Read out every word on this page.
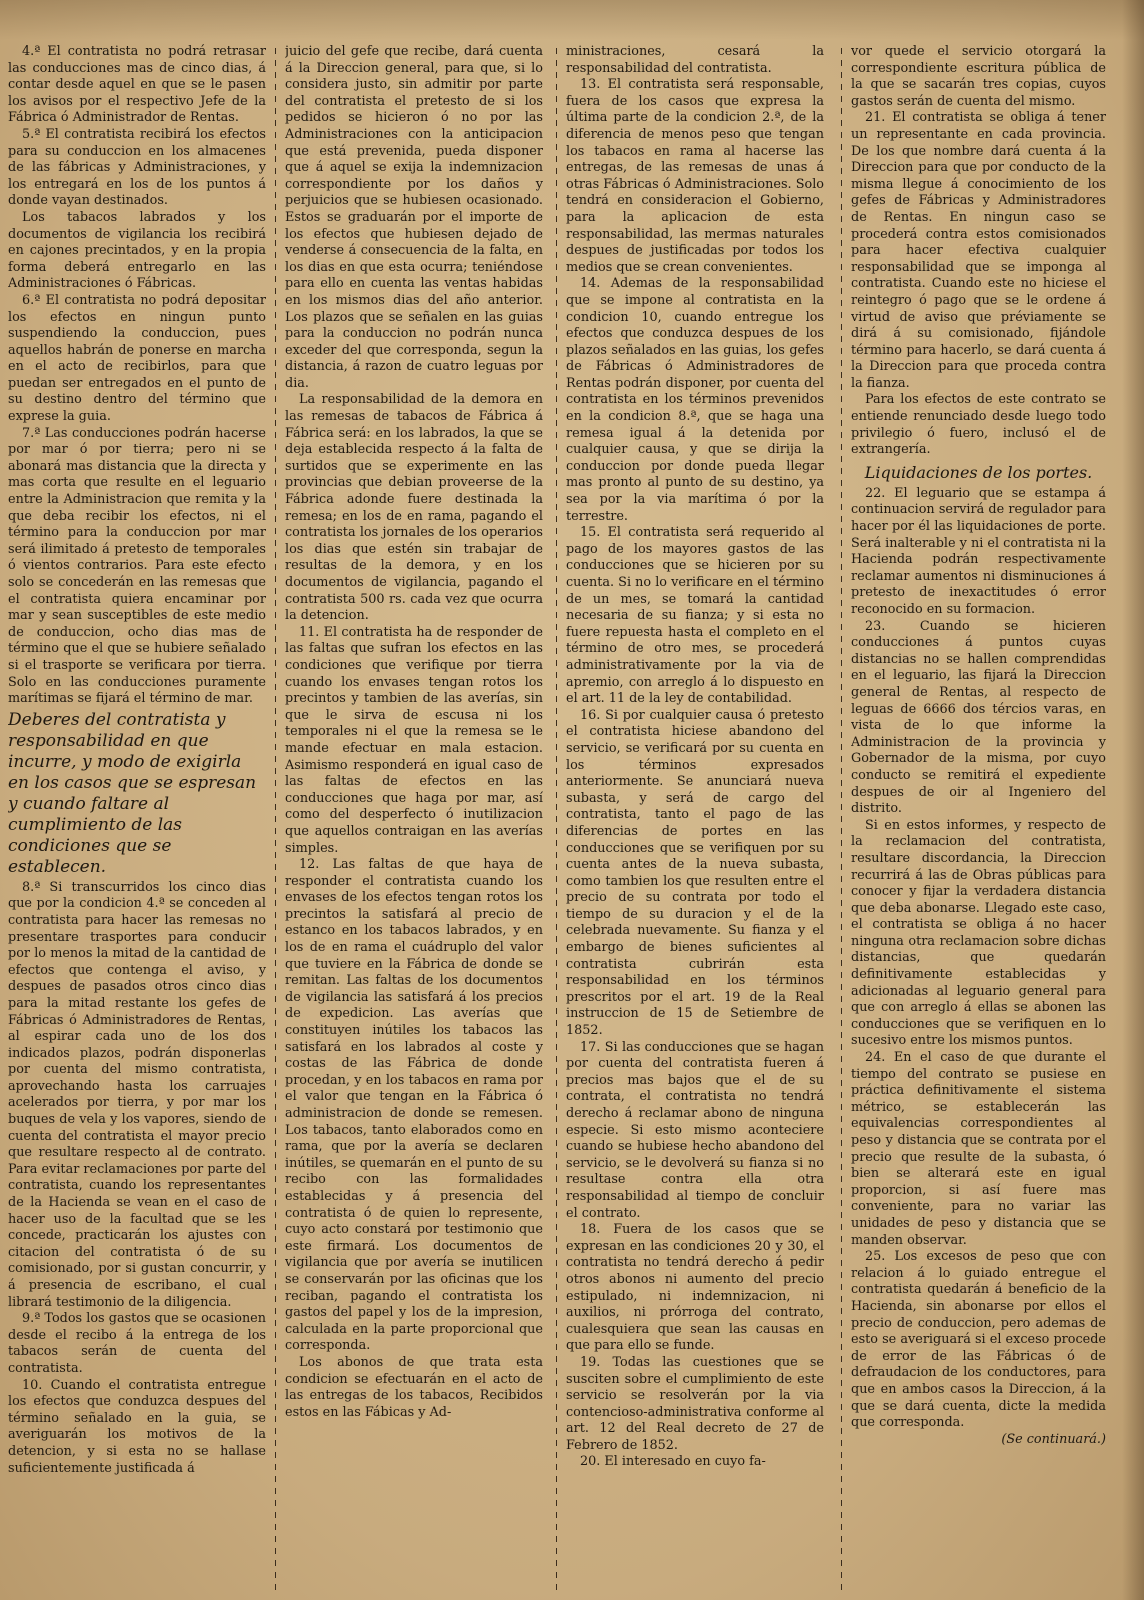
4.ª El contratista no podrá retrasar las conducciones mas de cinco dias, á contar desde aquel en que se le pasen los avisos por el respectivo Jefe de la Fábrica ó Administrador de Rentas.

5.ª El contratista recibirá los efectos para su conduccion en los almacenes de las fábricas y Administraciones, y los entregará en los de los puntos á donde vayan destinados.

Los tabacos labrados y los documentos de vigilancia los recibirá en cajones precintados, y en la propia forma deberá entregarlo en las Administraciones ó Fábricas.

6.ª El contratista no podrá depositar los efectos en ningun punto suspendiendo la conduccion, pues aquellos habrán de ponerse en marcha en el acto de recibirlos, para que puedan ser entregados en el punto de su destino dentro del término que exprese la guia.

7.ª Las conducciones podrán hacerse por mar ó por tierra; pero ni se abonará mas distancia que la directa y mas corta que resulte en el leguario entre la Administracion que remita y la que deba recibir los efectos, ni el término para la conduccion por mar será ilimitado á pretesto de temporales ó vientos contrarios. Para este efecto solo se concederán en las remesas que el contratista quiera encaminar por mar y sean susceptibles de este medio de conduccion, ocho dias mas de término que el que se hubiere señalado si el trasporte se verificara por tierra. Solo en las conducciones puramente marítimas se fijará el término de mar.

Deberes del contratista y responsabilidad en que incurre, y modo de exigirla en los casos que se espresan y cuando faltare al cumplimiento de las condiciones que se establecen.

8.ª Si transcurridos los cinco dias que por la condicion 4.ª se conceden al contratista para hacer las remesas no presentare trasportes para conducir por lo menos la mitad de la cantidad de efectos que contenga el aviso, y despues de pasados otros cinco dias para la mitad restante los gefes de Fábricas ó Administradores de Rentas, al espirar cada uno de los dos indicados plazos, podrán disponerlas por cuenta del mismo contratista, aprovechando hasta los carruajes acelerados por tierra, y por mar los buques de vela y los vapores, siendo de cuenta del contratista el mayor precio que resultare respecto al de contrato. Para evitar reclamaciones por parte del contratista, cuando los representantes de la Hacienda se vean en el caso de hacer uso de la facultad que se les concede, practicarán los ajustes con citacion del contratista ó de su comisionado, por si gustan concurrir, y á presencia de escribano, el cual librará testimonio de la diligencia.

9.ª Todos los gastos que se ocasionen desde el recibo á la entrega de los tabacos serán de cuenta del contratista.

10. Cuando el contratista entregue los efectos que conduzca despues del término señalado en la guia, se averiguarán los motivos de la detencion, y si esta no se hallase suficientemente justificada á

juicio del gefe que recibe, dará cuenta á la Direccion general, para que, si lo considera justo, sin admitir por parte del contratista el pretesto de si los pedidos se hicieron ó no por las Administraciones con la anticipacion que está prevenida, pueda disponer que á aquel se exija la indemnizacion correspondiente por los daños y perjuicios que se hubiesen ocasionado. Estos se graduarán por el importe de los efectos que hubiesen dejado de venderse á consecuencia de la falta, en los dias en que esta ocurra; teniéndose para ello en cuenta las ventas habidas en los mismos dias del año anterior. Los plazos que se señalen en las guias para la conduccion no podrán nunca exceder del que corresponda, segun la distancia, á razon de cuatro leguas por dia.

La responsabilidad de la demora en las remesas de tabacos de Fábrica á Fábrica será: en los labrados, la que se deja establecida respecto á la falta de surtidos que se experimente en las provincias que debian proveerse de la Fábrica adonde fuere destinada la remesa; en los de en rama, pagando el contratista los jornales de los operarios los dias que estén sin trabajar de resultas de la demora, y en los documentos de vigilancia, pagando el contratista 500 rs. cada vez que ocurra la detencion.

11. El contratista ha de responder de las faltas que sufran los efectos en las condiciones que verifique por tierra cuando los envases tengan rotos los precintos y tambien de las averías, sin que le sirva de escusa ni los temporales ni el que la remesa se le mande efectuar en mala estacion. Asimismo responderá en igual caso de las faltas de efectos en las conducciones que haga por mar, así como del desperfecto ó inutilizacion que aquellos contraigan en las averías simples.

12. Las faltas de que haya de responder el contratista cuando los envases de los efectos tengan rotos los precintos la satisfará al precio de estanco en los tabacos labrados, y en los de en rama el cuádruplo del valor que tuviere en la Fábrica de donde se remitan. Las faltas de los documentos de vigilancia las satisfará á los precios de expedicion. Las averías que constituyen inútiles los tabacos las satisfará en los labrados al coste y costas de las Fábrica de donde procedan, y en los tabacos en rama por el valor que tengan en la Fábrica ó administracion de donde se remesen. Los tabacos, tanto elaborados como en rama, que por la avería se declaren inútiles, se quemarán en el punto de su recibo con las formalidades establecidas y á presencia del contratista ó de quien lo represente, cuyo acto constará por testimonio que este firmará. Los documentos de vigilancia que por avería se inutilicen se conservarán por las oficinas que los reciban, pagando el contratista los gastos del papel y los de la impresion, calculada en la parte proporcional que corresponda.

Los abonos de que trata esta condicion se efectuarán en el acto de las entregas de los tabacos, Recibidos estos en las Fábicas y Ad-

ministraciones, cesará la responsabilidad del contratista.

13. El contratista será responsable, fuera de los casos que expresa la última parte de la condicion 2.ª, de la diferencia de menos peso que tengan los tabacos en rama al hacerse las entregas, de las remesas de unas á otras Fábricas ó Administraciones. Solo tendrá en consideracion el Gobierno, para la aplicacion de esta responsabilidad, las mermas naturales despues de justificadas por todos los medios que se crean convenientes.

14. Ademas de la responsabilidad que se impone al contratista en la condicion 10, cuando entregue los efectos que conduzca despues de los plazos señalados en las guias, los gefes de Fábricas ó Administradores de Rentas podrán disponer, por cuenta del contratista en los términos prevenidos en la condicion 8.ª, que se haga una remesa igual á la detenida por cualquier causa, y que se dirija la conduccion por donde pueda llegar mas pronto al punto de su destino, ya sea por la via marítima ó por la terrestre.

15. El contratista será requerido al pago de los mayores gastos de las conducciones que se hicieren por su cuenta. Si no lo verificare en el término de un mes, se tomará la cantidad necesaria de su fianza; y si esta no fuere repuesta hasta el completo en el término de otro mes, se procederá administrativamente por la via de apremio, con arreglo á lo dispuesto en el art. 11 de la ley de contabilidad.

16. Si por cualquier causa ó pretesto el contratista hiciese abandono del servicio, se verificará por su cuenta en los términos expresados anteriormente. Se anunciará nueva subasta, y será de cargo del contratista, tanto el pago de las diferencias de portes en las conducciones que se verifiquen por su cuenta antes de la nueva subasta, como tambien los que resulten entre el precio de su contrata por todo el tiempo de su duracion y el de la celebrada nuevamente. Su fianza y el embargo de bienes suficientes al contratista cubrirán esta responsabilidad en los términos prescritos por el art. 19 de la Real instruccion de 15 de Setiembre de 1852.

17. Si las conducciones que se hagan por cuenta del contratista fueren á precios mas bajos que el de su contrata, el contratista no tendrá derecho á reclamar abono de ninguna especie. Si esto mismo aconteciere cuando se hubiese hecho abandono del servicio, se le devolverá su fianza si no resultase contra ella otra responsabilidad al tiempo de concluir el contrato.

18. Fuera de los casos que se expresan en las condiciones 20 y 30, el contratista no tendrá derecho á pedir otros abonos ni aumento del precio estipulado, ni indemnizacion, ni auxilios, ni prórroga del contrato, cualesquiera que sean las causas en que para ello se funde.

19. Todas las cuestiones que se susciten sobre el cumplimiento de este servicio se resolverán por la via contencioso-administrativa conforme al art. 12 del Real decreto de 27 de Febrero de 1852.

20. El interesado en cuyo fa-

vor quede el servicio otorgará la correspondiente escritura pública de la que se sacarán tres copias, cuyos gastos serán de cuenta del mismo.

21. El contratista se obliga á tener un representante en cada provincia. De los que nombre dará cuenta á la Direccion para que por conducto de la misma llegue á conocimiento de los gefes de Fábricas y Administradores de Rentas. En ningun caso se procederá contra estos comisionados para hacer efectiva cualquier responsabilidad que se imponga al contratista. Cuando este no hiciese el reintegro ó pago que se le ordene á virtud de aviso que préviamente se dirá á su comisionado, fijándole término para hacerlo, se dará cuenta á la Direccion para que proceda contra la fianza.

Para los efectos de este contrato se entiende renunciado desde luego todo privilegio ó fuero, inclusó el de extrangería.

Liquidaciones de los portes.

22. El leguario que se estampa á continuacion servirá de regulador para hacer por él las liquidaciones de porte. Será inalterable y ni el contratista ni la Hacienda podrán respectivamente reclamar aumentos ni disminuciones á pretesto de inexactitudes ó error reconocido en su formacion.

23. Cuando se hicieren conducciones á puntos cuyas distancias no se hallen comprendidas en el leguario, las fijará la Direccion general de Rentas, al respecto de leguas de 6666 dos tércios varas, en vista de lo que informe la Administracion de la provincia y Gobernador de la misma, por cuyo conducto se remitirá el expediente despues de oir al Ingeniero del distrito.

Si en estos informes, y respecto de la reclamacion del contratista, resultare discordancia, la Direccion recurrirá á las de Obras públicas para conocer y fijar la verdadera distancia que deba abonarse. Llegado este caso, el contratista se obliga á no hacer ninguna otra reclamacion sobre dichas distancias, que quedarán definitivamente establecidas y adicionadas al leguario general para que con arreglo á ellas se abonen las conducciones que se verifiquen en lo sucesivo entre los mismos puntos.

24. En el caso de que durante el tiempo del contrato se pusiese en práctica definitivamente el sistema métrico, se establecerán las equivalencias correspondientes al peso y distancia que se contrata por el precio que resulte de la subasta, ó bien se alterará este en igual proporcion, si así fuere mas conveniente, para no variar las unidades de peso y distancia que se manden observar.

25. Los excesos de peso que con relacion á lo guiado entregue el contratista quedarán á beneficio de la Hacienda, sin abonarse por ellos el precio de conduccion, pero ademas de esto se averiguará si el exceso procede de error de las Fábricas ó de defraudacion de los conductores, para que en ambos casos la Direccion, á la que se dará cuenta, dicte la medida que corresponda.

(Se continuará.)
